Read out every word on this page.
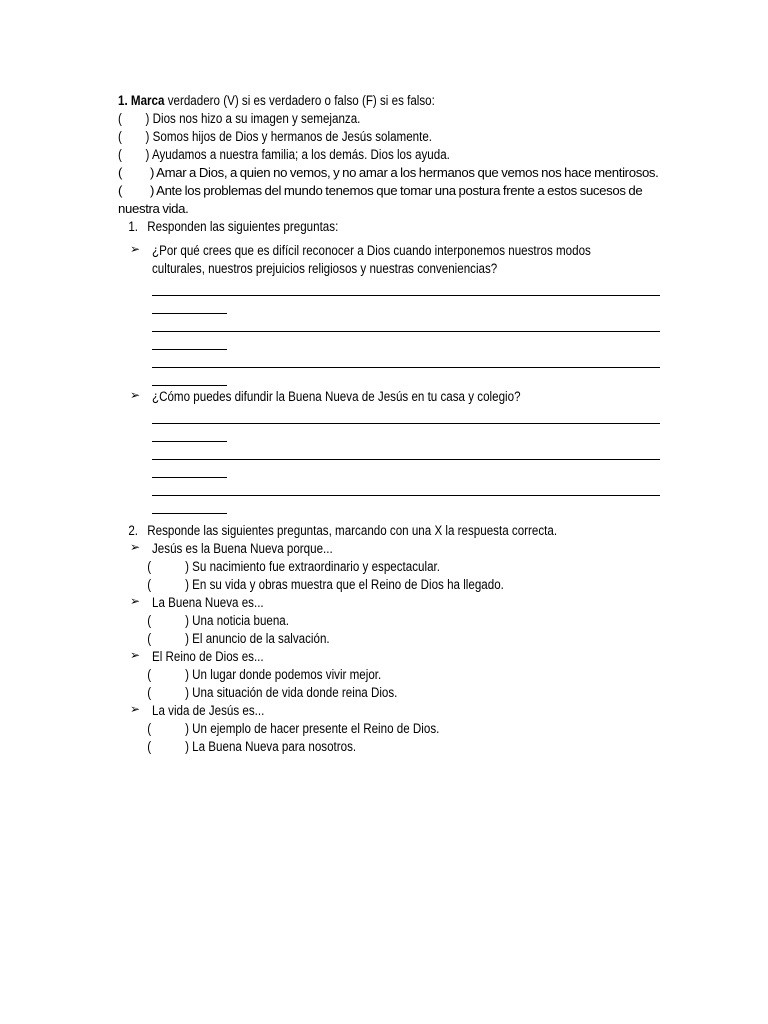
1. Marca verdadero (V) si es verdadero o falso (F) si es falso:
( ) Dios nos hizo a su imagen y semejanza.
( ) Somos hijos de Dios y hermanos de Jesús solamente.
( ) Ayudamos a nuestra familia; a los demás. Dios los ayuda.
( ) Amar a Dios, a quien no vemos, y no amar a los hermanos que vemos nos hace mentirosos.
( ) Ante los problemas del mundo tenemos que tomar una postura frente a estos sucesos de nuestra vida.
1. Responden las siguientes preguntas:
➢ ¿Por qué crees que es difícil reconocer a Dios cuando interponemos nuestros modos
culturales, nuestros prejuicios religiosos y nuestras conveniencias?
➢ ¿Cómo puedes difundir la Buena Nueva de Jesús en tu casa y colegio?
2. Responde las siguientes preguntas, marcando con una X la respuesta correcta.
➢ Jesús es la Buena Nueva porque...
(	) Su nacimiento fue extraordinario y espectacular.
(	) En su vida y obras muestra que el Reino de Dios ha llegado.
➢ La Buena Nueva es...
(	) Una noticia buena.
(	) El anuncio de la salvación.
➢ El Reino de Dios es...
(	) Un lugar donde podemos vivir mejor.
(	) Una situación de vida donde reina Dios.
➢ La vida de Jesús es...
(	) Un ejemplo de hacer presente el Reino de Dios.
(	) La Buena Nueva para nosotros.
